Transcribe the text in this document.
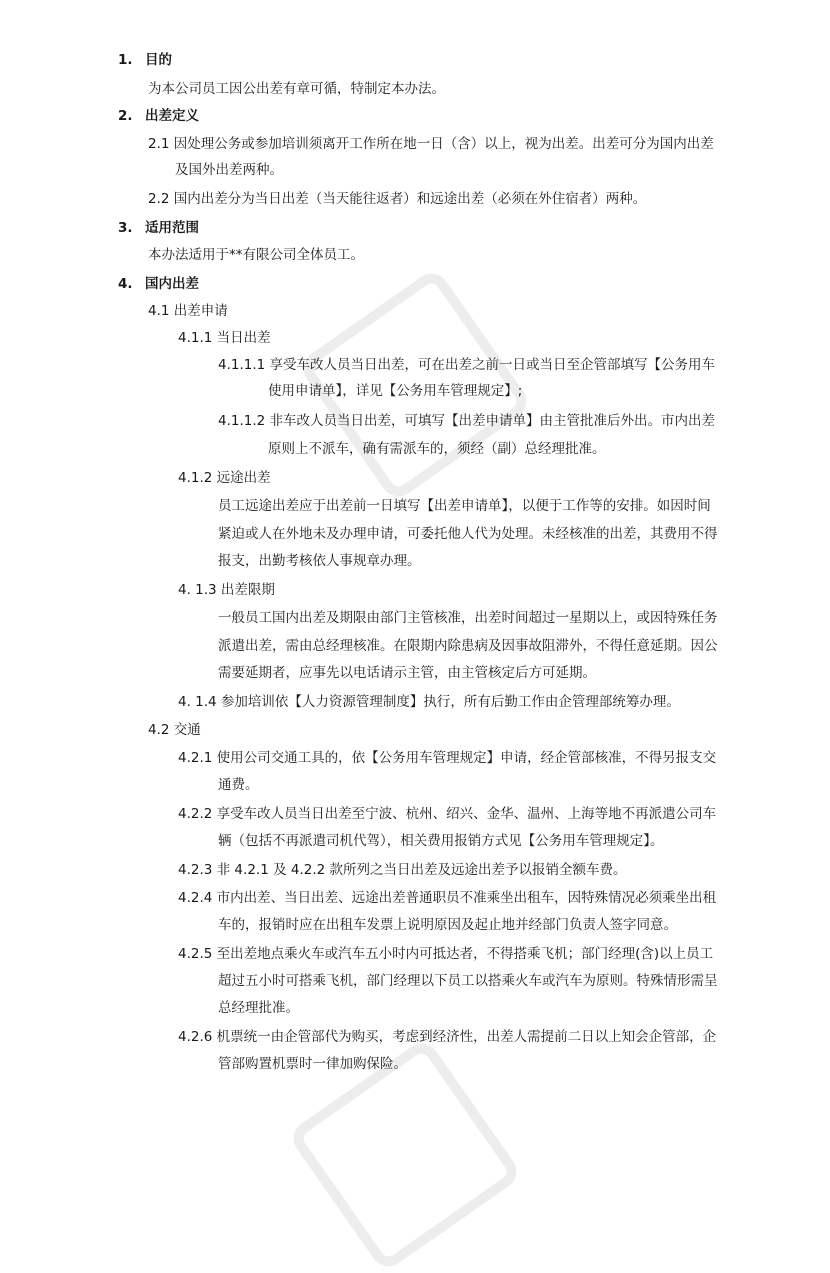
1. 目的
为本公司员工因公出差有章可循，特制定本办法。
2. 出差定义
2.1 因处理公务或参加培训须离开工作所在地一日（含）以上，视为出差。出差可分为国内出差
及国外出差两种。
2.2 国内出差分为当日出差（当天能往返者）和远途出差（必须在外住宿者）两种。
3. 适用范围
本办法适用于**有限公司全体员工。
4. 国内出差
4.1 出差申请
4.1.1 当日出差
4.1.1.1 享受车改人员当日出差，可在出差之前一日或当日至企管部填写【公务用车
使用申请单】，详见【公务用车管理规定】;
4.1.1.2 非车改人员当日出差，可填写【出差申请单】由主管批准后外出。市内出差
原则上不派车，确有需派车的，须经（副）总经理批准。
4.1.2 远途出差
员工远途出差应于出差前一日填写【出差申请单】，以便于工作等的安排。如因时间
紧迫或人在外地未及办理申请，可委托他人代为处理。未经核准的出差，其费用不得
报支，出勤考核依人事规章办理。
4. 1.3 出差限期
一般员工国内出差及期限由部门主管核准，出差时间超过一星期以上，或因特殊任务
派遣出差，需由总经理核准。在限期内除患病及因事故阻滞外，不得任意延期。因公
需要延期者，应事先以电话请示主管，由主管核定后方可延期。
4. 1.4 参加培训依【人力资源管理制度】执行，所有后勤工作由企管理部统筹办理。
4.2 交通
4.2.1 使用公司交通工具的，依【公务用车管理规定】申请，经企管部核准，不得另报支交
通费。
4.2.2 享受车改人员当日出差至宁波、杭州、绍兴、金华、温州、上海等地不再派遣公司车
辆（包括不再派遣司机代驾），相关费用报销方式见【公务用车管理规定】。
4.2.3 非 4.2.1 及 4.2.2 款所列之当日出差及远途出差予以报销全额车费。
4.2.4 市内出差、当日出差、远途出差普通职员不准乘坐出租车，因特殊情况必须乘坐出租
车的，报销时应在出租车发票上说明原因及起止地并经部门负责人签字同意。
4.2.5 至出差地点乘火车或汽车五小时内可抵达者，不得搭乘飞机；部门经理(含)以上员工
超过五小时可搭乘飞机，部门经理以下员工以搭乘火车或汽车为原则。特殊情形需呈
总经理批准。
4.2.6 机票统一由企管部代为购买，考虑到经济性，出差人需提前二日以上知会企管部，企
管部购置机票时一律加购保险。
